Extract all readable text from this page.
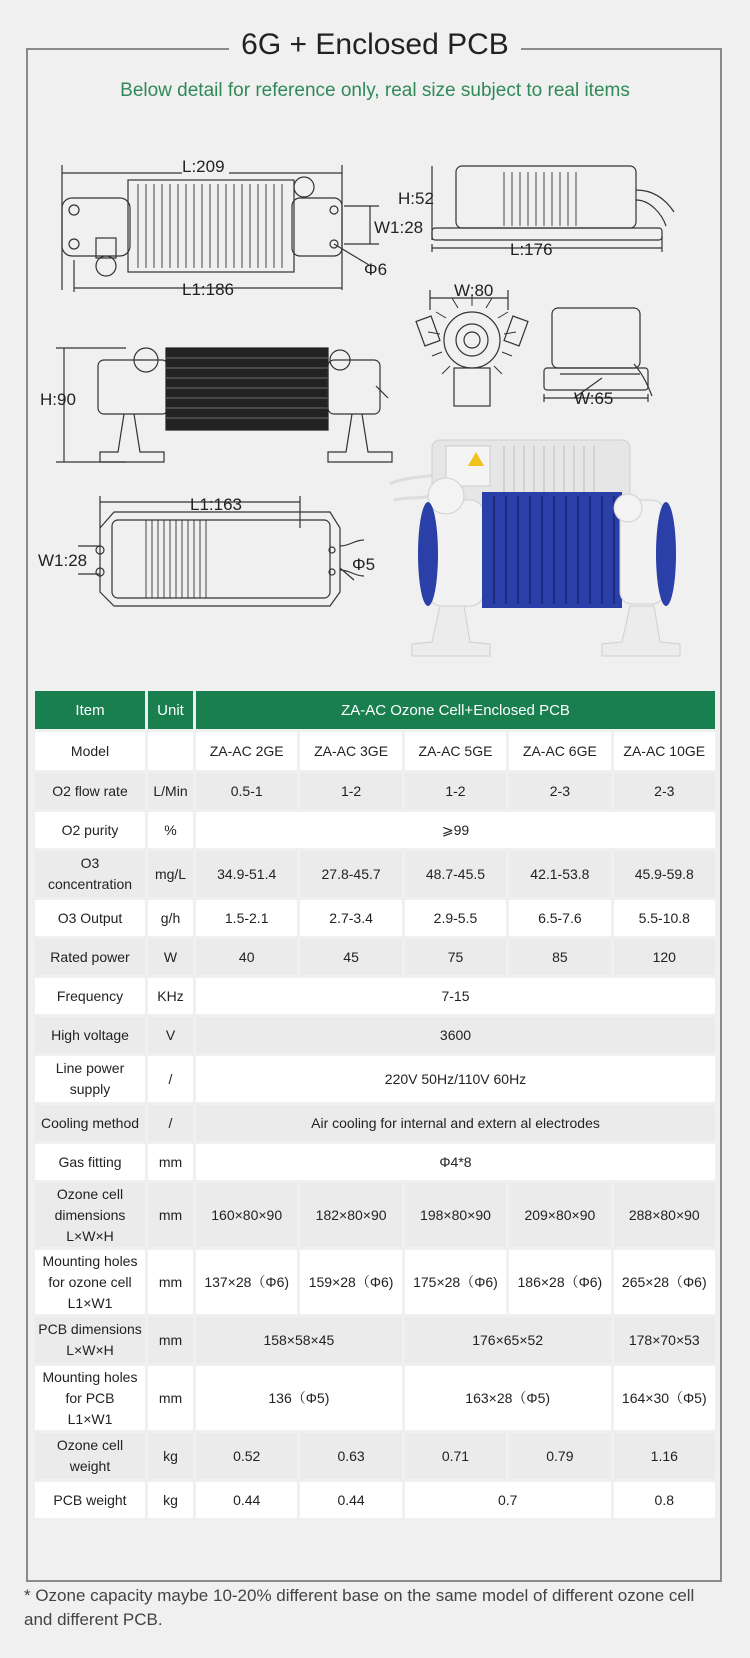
6G + Enclosed PCB
Below detail for reference only, real size subject to real items
L:209
W1:28
Φ6
L1:186
H:52
L:176
W:80
W:65
H:90
L1:163
W1:28	Φ5
Item	Unit	ZA-AC Ozone Cell+Enclosed PCB				
Model		ZA-AC 2GE	ZA-AC 3GE	ZA-AC 5GE	ZA-AC 6GE	ZA-AC 10GE
O2 flow rate	L/Min	0.5-1	1-2	1-2	2-3	2-3
O2 purity	%	⩾99				
O3
concentration	mg/L	34.9-51.4	27.8-45.7	48.7-45.5	42.1-53.8	45.9-59.8
O3 Output	g/h	1.5-2.1	2.7-3.4	2.9-5.5	6.5-7.6	5.5-10.8
Rated power	W	40	45	75	85	120
Frequency	KHz	7-15				
High voltage	V	3600				
Line power
supply	/	220V 50Hz/110V 60Hz				
Cooling method	/	Air cooling for internal and extern al electrodes				
Gas fitting	mm	Φ4*8				
Ozone cell
dimensions
L×W×H	mm	160×80×90	182×80×90	198×80×90	209×80×90	288×80×90
Mounting holes
for ozone cell
L1×W1	mm	137×28（Φ6)	159×28（Φ6)	175×28（Φ6)	186×28（Φ6)	265×28（Φ6)
PCB dimensions
L×W×H	mm	158×58×45		176×65×52		178×70×53
Mounting holes
for PCB
L1×W1	mm	136（Φ5)		163×28（Φ5)		164×30（Φ5)
Ozone cell
weight	kg	0.52	0.63	0.71	0.79	1.16
PCB weight	kg	0.44	0.44	0.7		0.8
* Ozone capacity maybe 10-20% different base on the same model of different ozone cell and different PCB.
